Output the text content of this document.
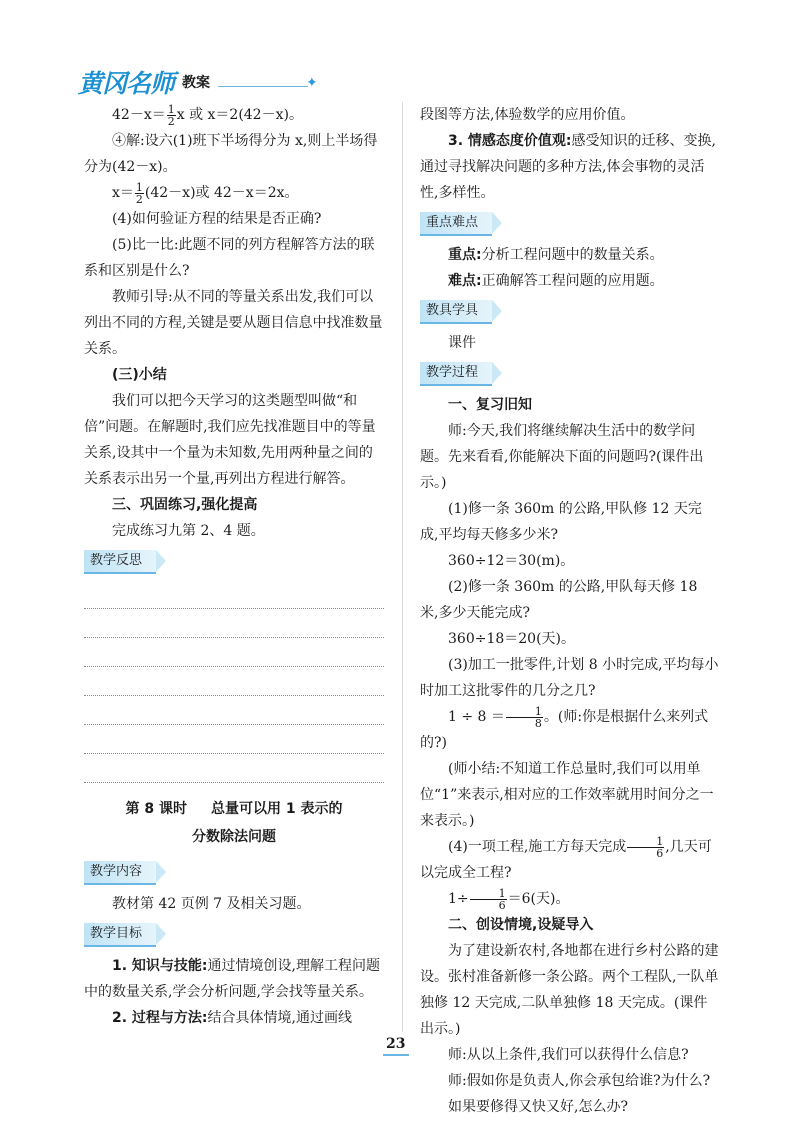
黄冈名师 教案	✦

$42-x= \frac{1}{2}$ x 或 x＝2(42－x)。

④解:设六(1)班下半场得分为 x,则上半场得分为(42－x)。

$x= \frac{1}{2} (42-x)$或 42－x＝2x。

(4)如何验证方程的结果是否正确?

(5)比一比:此题不同的列方程解答方法的联系和区别是什么?

教师引导:从不同的等量关系出发,我们可以列出不同的方程,关键是要从题目信息中找准数量关系。

(三)小结

我们可以把今天学习的这类题型叫做“和倍”问题。在解题时,我们应先找准题目中的等量关系,设其中一个量为未知数,先用两种量之间的关系表示出另一个量,再列出方程进行解答。

三、巩固练习,强化提高

完成练习九第 2、4 题。

教学反思
第 8 课时 总量可以用 1 表示的
分数除法问题
教学内容

教材第 42 页例 7 及相关习题。

教学目标

1. 知识与技能:通过情境创设,理解工程问题中的数量关系,学会分析问题,学会找等量关系。

2. 过程与方法:结合具体情境,通过画线

段图等方法,体验数学的应用价值。

3. 情感态度价值观:感受知识的迁移、变换,通过寻找解决问题的多种方法,体会事物的灵活性,多样性。

重点难点

重点:分析工程问题中的数量关系。

难点:正确解答工程问题的应用题。

教具学具

课件

教学过程

一、复习旧知

师:今天,我们将继续解决生活中的数学问题。先来看看,你能解决下面的问题吗?(课件出示。)

(1)修一条 360m 的公路,甲队修 12 天完成,平均每天修多少米?

360÷12＝30(m)。

(2)修一条 360m 的公路,甲队每天修 18 米,多少天能完成?

360÷18＝20(天)。

(3)加工一批零件,计划 8 小时完成,平均每小时加工这批零件的几分之几?

$1 \div 8 = \frac{1}{8}$ 。(师:你是根据什么来列式的?)

(师小结:不知道工作总量时,我们可以用单位“1”来表示,相对应的工作效率就用时间分之一来表示。)

(4)一项工程,施工方每天完成 $\frac{1}{6}$ ,几天可以完成全工程?

$1\div \frac{1}{6} =6$(天)。

二、创设情境,设疑导入

为了建设新农村,各地都在进行乡村公路的建设。张村准备新修一条公路。两个工程队,一队单独修 12 天完成,二队单独修 18 天完成。(课件出示。)

师:从以上条件,我们可以获得什么信息?

师:假如你是负责人,你会承包给谁?为什么?

如果要修得又快又好,怎么办?

23
